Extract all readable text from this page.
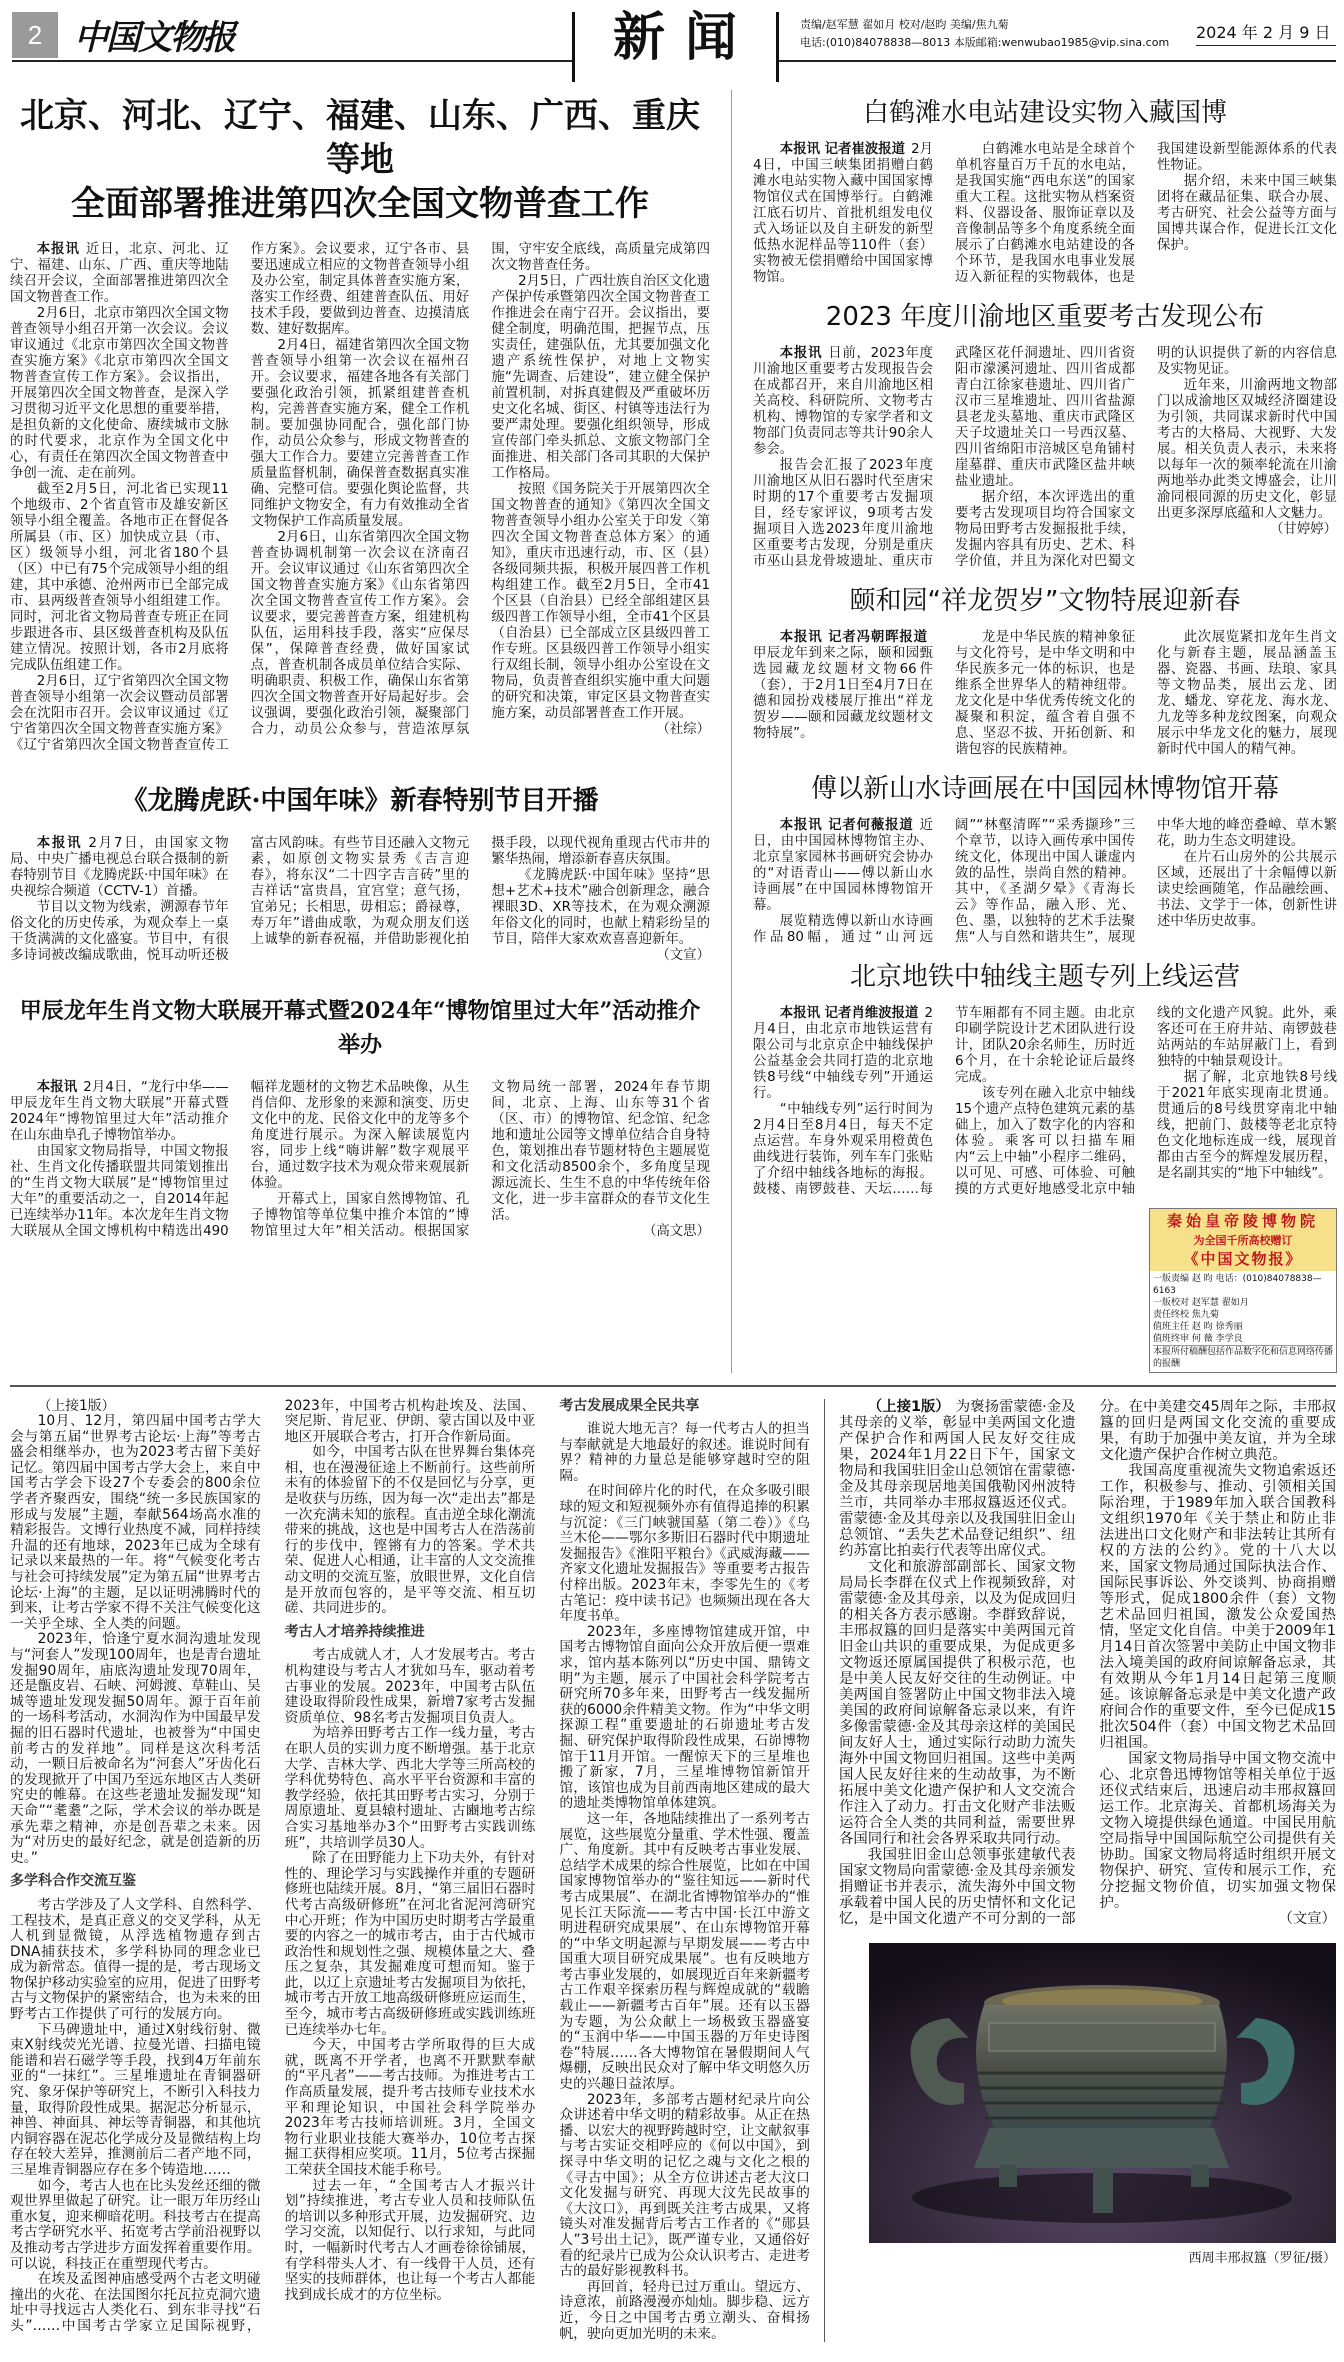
2 中国文物报	新闻	责编/赵军慧 翟如月 校对/赵昀 美编/焦九菊
电话:(010)84078838—8013 本版邮箱:wenwubao1985@vip.sina.com
2024 年 2 月 9 日
北京、河北、辽宁、福建、山东、广西、重庆等地
全面部署推进第四次全国文物普查工作

本报讯 近日，北京、河北、辽宁、福建、山东、广西、重庆等地陆续召开会议，全面部署推进第四次全国文物普查工作。

2月6日，北京市第四次全国文物普查领导小组召开第一次会议。会议审议通过《北京市第四次全国文物普查实施方案》《北京市第四次全国文物普查宣传工作方案》。会议指出，开展第四次全国文物普查，是深入学习贯彻习近平文化思想的重要举措，是担负新的文化使命、赓续城市文脉的时代要求，北京作为全国文化中心，有责任在第四次全国文物普查中争创一流、走在前列。

截至2月5日，河北省已实现11个地级市、2个省直管市及雄安新区领导小组全覆盖。各地市正在督促各所属县（市、区）加快成立县（市、区）级领导小组，河北省180个县（区）中已有75个完成领导小组的组建，其中承德、沧州两市已全部完成市、县两级普查领导小组组建工作。同时，河北省文物局普查专班正在同步跟进各市、县区级普查机构及队伍建立情况。按照计划，各市2月底将完成队伍组建工作。

2月6日，辽宁省第四次全国文物普查领导小组第一次会议暨动员部署会在沈阳市召开。会议审议通过《辽宁省第四次全国文物普查实施方案》《辽宁省第四次全国文物普查宣传工作方案》。会议要求，辽宁各市、县要迅速成立相应的文物普查领导小组及办公室，制定具体普查实施方案，落实工作经费、组建普查队伍、用好技术手段，要做到边普查、边摸清底数、建好数据库。

2月4日，福建省第四次全国文物普查领导小组第一次会议在福州召开。会议要求，福建各地各有关部门要强化政治引领，抓紧组建普查机构，完善普查实施方案，健全工作机制。要加强协同配合，强化部门协作，动员公众参与，形成文物普查的强大工作合力。要建立完善普查工作质量监督机制，确保普查数据真实准确、完整可信。要强化舆论监督，共同维护文物安全，有力有效推动全省文物保护工作高质量发展。

2月6日，山东省第四次全国文物普查协调机制第一次会议在济南召开。会议审议通过《山东省第四次全国文物普查实施方案》《山东省第四次全国文物普查宣传工作方案》。会议要求，要完善普查方案，组建机构队伍，运用科技手段，落实“应保尽保”，保障普查经费，做好国家试点，普查机制各成员单位结合实际、明确职责、积极工作，确保山东省第四次全国文物普查开好局起好步。会议强调，要强化政治引领，凝聚部门合力，动员公众参与，营造浓厚氛围，守牢安全底线，高质量完成第四次文物普查任务。

2月5日，广西壮族自治区文化遗产保护传承暨第四次全国文物普查工作推进会在南宁召开。会议指出，要健全制度，明确范围，把握节点，压实责任，建强队伍，尤其要加强文化遗产系统性保护，对地上文物实施“先调查、后建设”，建立健全保护前置机制，对拆真建假及严重破坏历史文化名城、街区、村镇等违法行为要严肃处理。要强化组织领导，形成宣传部门牵头抓总、文旅文物部门全面推进、相关部门各司其职的大保护工作格局。

按照《国务院关于开展第四次全国文物普查的通知》《第四次全国文物普查领导小组办公室关于印发〈第四次全国文物普查总体方案〉的通知》，重庆市迅速行动，市、区（县）各级同频共振，积极开展四普工作机构组建工作。截至2月5日，全市41个区县（自治县）已经全部组建区县级四普工作领导小组，全市41个区县（自治县）已全部成立区县级四普工作专班。区县级四普工作领导小组实行双组长制，领导小组办公室设在文物局，负责普查组织实施中重大问题的研究和决策，审定区县文物普查实施方案，动员部署普查工作开展。

（社综）

《龙腾虎跃·中国年味》新春特别节目开播

本报讯 2月7日，由国家文物局、中央广播电视总台联合摄制的新春特别节目《龙腾虎跃·中国年味》在央视综合频道（CCTV-1）首播。

节目以文物为线索，溯源春节年俗文化的历史传承，为观众奉上一桌干货满满的文化盛宴。节目中，有很多诗词被改编成歌曲，悦耳动听还极富古风韵味。有些节目还融入文物元素，如原创文物实景秀《吉言迎春》，将东汉“二十四字吉言砖”里的吉祥话“富贵昌，宜宫堂；意气扬，宜弟兄；长相思，毋相忘；爵禄尊，寿万年”谱曲成歌，为观众朋友们送上诚挚的新春祝福，并借助影视化拍摄手段，以现代视角重现古代市井的繁华热闹，增添新春喜庆氛围。

《龙腾虎跃·中国年味》坚持“思想+艺术+技术”融合创新理念，融合裸眼3D、XR等技术，在为观众溯源年俗文化的同时，也献上精彩纷呈的节目，陪伴大家欢欢喜喜迎新年。

（文宣）

甲辰龙年生肖文物大联展开幕式暨2024年“博物馆里过大年”活动推介举办

本报讯 2月4日，“龙行中华——甲辰龙年生肖文物大联展”开幕式暨2024年“博物馆里过大年”活动推介在山东曲阜孔子博物馆举办。

由国家文物局指导，中国文物报社、生肖文化传播联盟共同策划推出的“生肖文物大联展”是“博物馆里过大年”的重要活动之一，自2014年起已连续举办11年。本次龙年生肖文物大联展从全国文博机构中精选出490幅祥龙题材的文物艺术品映像，从生肖信仰、龙形象的来源和演变、历史文化中的龙、民俗文化中的龙等多个角度进行展示。为深入解读展览内容，同步上线“嗨讲解”数字观展平台，通过数字技术为观众带来观展新体验。

开幕式上，国家自然博物馆、孔子博物馆等单位集中推介本馆的“博物馆里过大年”相关活动。根据国家文物局统一部署，2024年春节期间，北京、上海、山东等31个省（区、市）的博物馆、纪念馆、纪念地和遗址公园等文博单位结合自身特色，策划推出春节题材特色主题展览和文化活动8500余个，多角度呈现源远流长、生生不息的中华传统年俗文化，进一步丰富群众的春节文化生活。

（高文思）

白鹤滩水电站建设实物入藏国博

本报讯 记者崔波报道 2月4日，中国三峡集团捐赠白鹤滩水电站实物入藏中国国家博物馆仪式在国博举行。白鹤滩江底石切片、首批机组发电仪式入场证以及自主研发的新型低热水泥样品等110件（套）实物被无偿捐赠给中国国家博物馆。

白鹤滩水电站是全球首个单机容量百万千瓦的水电站，是我国实施“西电东送”的国家重大工程。这批实物从档案资料、仪器设备、服饰证章以及音像制品等多个角度系统全面展示了白鹤滩水电站建设的各个环节，是我国水电事业发展迈入新征程的实物载体，也是我国建设新型能源体系的代表性物证。

据介绍，未来中国三峡集团将在藏品征集、联合办展、考古研究、社会公益等方面与国博共谋合作，促进长江文化保护。

2023 年度川渝地区重要考古发现公布

本报讯 日前，2023年度川渝地区重要考古发现报告会在成都召开，来自川渝地区相关高校、科研院所、文物考古机构、博物馆的专家学者和文物部门负责同志等共计90余人参会。

报告会汇报了2023年度川渝地区从旧石器时代至唐宋时期的17个重要考古发掘项目，经专家评议，9项考古发掘项目入选2023年度川渝地区重要考古发现，分别是重庆市巫山县龙骨坡遗址、重庆市武隆区花仟洞遗址、四川省资阳市濛溪河遗址、四川省成都青白江徐家巷遗址、四川省广汉市三星堆遗址、四川省盐源县老龙头墓地、重庆市武隆区天子坟遗址关口一号西汉墓、四川省绵阳市涪城区皂角铺村崖墓群、重庆市武隆区盐井峡盐业遗址。

据介绍，本次评选出的重要考古发现项目均符合国家文物局田野考古发掘报批手续，发掘内容具有历史、艺术、科学价值，并且为深化对巴蜀文明的认识提供了新的内容信息及实物见证。

近年来，川渝两地文物部门以成渝地区双城经济圈建设为引领，共同谋求新时代中国考古的大格局、大视野、大发展。相关负责人表示，未来将以每年一次的频率轮流在川渝两地举办此类文博盛会，让川渝同根同源的历史文化，彰显出更多深厚底蕴和人文魅力。

（甘婷婷）

颐和园“祥龙贺岁”文物特展迎新春

本报讯 记者冯朝晖报道甲辰龙年到来之际，颐和园甄选园藏龙纹题材文物66件（套），于2月1日至4月7日在德和园扮戏楼展厅推出“祥龙贺岁——颐和园藏龙纹题材文物特展”。

龙是中华民族的精神象征与文化符号，是中华文明和中华民族多元一体的标识，也是维系全世界华人的精神纽带。龙文化是中华优秀传统文化的凝聚和积淀，蕴含着自强不息、坚忍不拔、开拓创新、和谐包容的民族精神。

此次展览紧扣龙年生肖文化与新春主题，展品涵盖玉器、瓷器、书画、珐琅、家具等文物品类，展出云龙、团龙、蟠龙、穿花龙、海水龙、九龙等多种龙纹图案，向观众展示中华龙文化的魅力，展现新时代中国人的精气神。

傅以新山水诗画展在中国园林博物馆开幕

本报讯 记者何薇报道 近日，由中国园林博物馆主办、北京皇家园林书画研究会协办的“对语青山——傅以新山水诗画展”在中国园林博物馆开幕。

展览精选傅以新山水诗画作品80幅，通过“山河远阔”“林壑清晖”“采秀撷珍”三个章节，以诗入画传承中国传统文化，体现出中国人谦虚内敛的品性，崇尚自然的精神。其中，《圣湖夕晕》《青海长云》等作品，融入形、光、色、墨，以独特的艺术手法聚焦“人与自然和谐共生”，展现中华大地的峰峦叠嶂、草木繁花，助力生态文明建设。

在片石山房外的公共展示区域，还展出了十余幅傅以新读史绘画随笔，作品融绘画、书法、文学于一体，创新性讲述中华历史故事。

北京地铁中轴线主题专列上线运营

本报讯 记者肖维波报道 2月4日，由北京市地铁运营有限公司与北京京企中轴线保护公益基金会共同打造的北京地铁8号线“中轴线专列”开通运行。

“中轴线专列”运行时间为2月4日至8月4日，每天不定点运营。车身外观采用橙黄色曲线进行装饰，列车车门张贴了介绍中轴线各地标的海报。鼓楼、南锣鼓巷、天坛……每节车厢都有不同主题。由北京印刷学院设计艺术团队进行设计，团队20余名师生，历时近6个月，在十余轮论证后最终完成。

该专列在融入北京中轴线15个遗产点特色建筑元素的基础上，加入了数字化的内容和体验。乘客可以扫描车厢内“云上中轴”小程序二维码，以可见、可感、可体验、可触摸的方式更好地感受北京中轴线的文化遗产风貌。此外，乘客还可在王府井站、南锣鼓巷站两站的车站屏蔽门上，看到独特的中轴景观设计。

据了解，北京地铁8号线于2021年底实现南北贯通。贯通后的8号线贯穿南北中轴线，把前门、鼓楼等老北京特色文化地标连成一线，展现首都由古至今的辉煌发展历程，是名副其实的“地下中轴线”。

秦始皇帝陵博物院
为全国千所高校赠订
《中国文物报》
一版责编 赵 昀 电话：(010)84078838—6163
一版校对 赵军慧 翟如月
责任终校 焦九菊
值班主任 赵 昀 徐秀丽
值班终审 何 薇 李学良
本报所付稿酬包括作品数字化和信息网络传播的报酬

（上接1版）

10月、12月，第四届中国考古学大会与第五届“世界考古论坛·上海”等考古盛会相继举办，也为2023考古留下美好记忆。第四届中国考古学大会上，来自中国考古学会下设27个专委会的800余位学者齐聚西安，围绕“统一多民族国家的形成与发展”主题，奉献564场高水准的精彩报告。文博行业热度不减，同样持续升温的还有地球，2023年已成为全球有记录以来最热的一年。将“气候变化考古与社会可持续发展”定为第五届“世界考古论坛·上海”的主题，足以证明沸腾时代的到来，让考古学家不得不关注气候变化这一关乎全球、全人类的问题。

2023年，恰逢宁夏水洞沟遗址发现与“河套人”发现100周年，也是青台遗址发掘90周年，庙底沟遗址发现70周年，还是甑皮岩、石峡、河姆渡、草鞋山、吴城等遗址发现发掘50周年。源于百年前的一场科考活动，水洞沟作为中国最早发掘的旧石器时代遗址，也被誉为“中国史前考古的发祥地”。同样是这次科考活动，一颗日后被命名为“河套人”牙齿化石的发现掀开了中国乃至远东地区古人类研究史的帷幕。在这些老遗址发掘发现“知天命”“耄耋”之际，学术会议的举办既是承先辈之精神，亦是创吾辈之未来。因为“对历史的最好纪念，就是创造新的历史。”

多学科合作交流互鉴

考古学涉及了人文学科、自然科学、工程技术，是真正意义的交叉学科，从无人机到显微镜，从浮选植物遗存到古DNA捕获技术，多学科协同的理念业已成为新常态。值得一提的是，考古现场文物保护移动实验室的应用，促进了田野考古与文物保护的紧密结合，也为未来的田野考古工作提供了可行的发展方向。

下马碑遗址中，通过X射线衍射、微束X射线荧光光谱、拉曼光谱、扫描电镜能谱和岩石磁学等手段，找到4万年前东亚的“一抹红”。三星堆遗址在青铜器研究、象牙保护等研究上，不断引入科技力量，取得阶段性成果。据泥芯分析显示，神兽、神面具、神坛等青铜器，和其他坑内铜容器在泥芯化学成分及显微结构上均存在较大差异，推测前后二者产地不同，三星堆青铜器应存在多个铸造地……

如今，考古人也在比头发丝还细的微观世界里做起了研究。让一眼万年历经山重水复，迎来柳暗花明。科技考古在提高考古学研究水平、拓宽考古学前沿视野以及推动考古学进步方面发挥着重要作用。可以说，科技正在重塑现代考古。

在埃及孟图神庙感受两个古老文明碰撞出的火花、在法国图尔托瓦拉克洞穴遗址中寻找远古人类化石、到东非寻找“石头”……中国考古学家立足国际视野，2023年，中国考古机构赴埃及、法国、突尼斯、肯尼亚、伊朗、蒙古国以及中亚地区开展联合考古，打开合作新局面。

如今，中国考古队在世界舞台集体亮相，也在漫漫征途上不断前行。这些前所未有的体验留下的不仅是回忆与分享，更是收获与历练，因为每一次“走出去”都是一次充满未知的旅程。直击逆全球化潮流带来的挑战，这也是中国考古人在浩荡前行的步伐中，铿锵有力的答案。学术共荣、促进人心相通，让丰富的人文交流推动文明的交流互鉴，放眼世界，文化自信是开放而包容的，是平等交流、相互切磋、共同进步的。

考古人才培养持续推进

考古成就人才，人才发展考古。考古机构建设与考古人才犹如马车，驱动着考古事业的发展。2023年，中国考古队伍建设取得阶段性成果，新增7家考古发掘资质单位、98名考古发掘项目负责人。

为培养田野考古工作一线力量，考古在职人员的实训力度不断增强。基于北京大学、吉林大学、西北大学等三所高校的学科优势特色、高水平平台资源和丰富的教学经验，依托其田野考古实习，分别于周原遗址、夏县辕村遗址、古豳地考古综合实习基地举办3个“田野考古实践训练班”，共培训学员30人。

除了在田野能力上下功夫外，有针对性的、理论学习与实践操作并重的专题研修班也陆续开展。8月，“第三届旧石器时代考古高级研修班”在河北省泥河湾研究中心开班；作为中国历史时期考古学最重要的内容之一的城市考古，由于古代城市政治性和规划性之强、规模体量之大、叠压之复杂，其发掘难度可想而知。鉴于此，以辽上京遗址考古发掘项目为依托，城市考古开放工地高级研修班应运而生，至今，城市考古高级研修班或实践训练班已连续举办七年。

今天，中国考古学所取得的巨大成就，既离不开学者，也离不开默默奉献的“平凡者”——考古技师。为推进考古工作高质量发展，提升考古技师专业技术水平和理论知识，中国社会科学院举办2023年考古技师培训班。3月，全国文物行业职业技能大赛举办，10位考古探掘工获得相应奖项。11月，5位考古探掘工荣获全国技术能手称号。

过去一年，“全国考古人才振兴计划”持续推进，考古专业人员和技师队伍的培训以多种形式开展，边发掘研究、边学习交流，以知促行、以行求知，与此同时，一幅新时代考古人才画卷徐徐铺展，有学科带头人才、有一线骨干人员，还有坚实的技师群体，也让每一个考古人都能找到成长成才的方位坐标。

考古发展成果全民共享

谁说大地无言？每一代考古人的担当与奉献就是大地最好的叙述。谁说时间有界？精神的力量总是能够穿越时空的阻隔。

在时间碎片化的时代，在众多吸引眼球的短文和短视频外亦有值得追捧的积累与沉淀：《三门峡虢国墓（第二卷）》《乌兰木伦——鄂尔多斯旧石器时代中期遗址发掘报告》《淮阳平粮台》《武威海藏——齐家文化遗址发掘报告》等重要考古报告付梓出版。2023年末，李零先生的《考古笔记：疫中读书记》也频频出现在各大年度书单。

2023年，多座博物馆建成开馆，中国考古博物馆自面向公众开放后便一票难求，馆内基本陈列以“历史中国、鼎铸文明”为主题，展示了中国社会科学院考古研究所70多年来，田野考古一线发掘所获的6000余件精美文物。作为“中华文明探源工程”重要遗址的石峁遗址考古发掘、研究保护取得阶段性成果，石峁博物馆于11月开馆。一醒惊天下的三星堆也搬了新家，7月，三星堆博物馆新馆开馆，该馆也成为目前西南地区建成的最大的遗址类博物馆单体建筑。

这一年，各地陆续推出了一系列考古展览，这些展览分量重、学术性强、覆盖广、角度新。其中有反映考古事业发展、总结学术成果的综合性展览，比如在中国国家博物馆举办的“鉴往知远——新时代考古成果展”、在湖北省博物馆举办的“惟见长江天际流——考古中国·长江中游文明进程研究成果展”、在山东博物馆开幕的“中华文明起源与早期发展——考古中国重大项目研究成果展”。也有反映地方考古事业发展的，如展现近百年来新疆考古工作艰辛探索历程与辉煌成就的“载瞻载止——新疆考古百年”展。还有以玉器为专题，为公众献上一场极致玉器盛宴的“玉润中华——中国玉器的万年史诗图卷”特展……各大博物馆在暑假期间人气爆棚，反映出民众对了解中华文明悠久历史的兴趣日益浓厚。

2023年，多部考古题材纪录片向公众讲述着中华文明的精彩故事。从正在热播、以宏大的视野跨越时空，让文献叙事与考古实证交相呼应的《何以中国》，到探寻中华文明的记忆之魂与文化之根的《寻古中国》；从全方位讲述古老大汶口文化发掘与研究、再现大汶先民故事的《大汶口》，再到既关注考古成果，又将镜头对准发掘背后考古工作者的《“郧县人”3号出土记》，既严谨专业，又通俗好看的纪录片已成为公众认识考古、走进考古的最好影视教科书。

再回首，轻舟已过万重山。望远方、诗意浓，前路漫漫亦灿灿。脚步稳、远方近，今日之中国考古勇立潮头、奋楫扬帆，驶向更加光明的未来。

（上接1版） 为褒扬雷蒙德·金及其母亲的义举，彰显中美两国文化遗产保护合作和两国人民友好交往成果，2024年1月22日下午，国家文物局和我国驻旧金山总领馆在雷蒙德·金及其母亲现居地美国俄勒冈州波特兰市，共同举办丰邢叔簋返还仪式。雷蒙德·金及其母亲以及我国驻旧金山总领馆、“丢失艺术品登记组织”、纽约苏富比拍卖行代表等出席仪式。

文化和旅游部副部长、国家文物局局长李群在仪式上作视频致辞，对雷蒙德·金及其母亲，以及为促成回归的相关各方表示感谢。李群致辞说，丰邢叔簋的回归是落实中美两国元首旧金山共识的重要成果，为促成更多文物返还原属国提供了积极示范，也是中美人民友好交往的生动例证。中美两国自签署防止中国文物非法入境美国的政府间谅解备忘录以来，有许多像雷蒙德·金及其母亲这样的美国民间友好人士，通过实际行动助力流失海外中国文物回归祖国。这些中美两国人民友好往来的生动故事，为不断拓展中美文化遗产保护和人文交流合作注入了动力。打击文化财产非法贩运符合全人类的共同利益，需要世界各国同行和社会各界采取共同行动。

我国驻旧金山总领事张建敏代表国家文物局向雷蒙德·金及其母亲颁发捐赠证书并表示，流失海外中国文物承载着中国人民的历史情怀和文化记忆，是中国文化遗产不可分割的一部分。在中美建交45周年之际，丰邢叔簋的回归是两国文化交流的重要成果，有助于加强中美友谊，并为全球文化遗产保护合作树立典范。

我国高度重视流失文物追索返还工作，积极参与、推动、引领相关国际治理，于1989年加入联合国教科文组织1970年《关于禁止和防止非法进出口文化财产和非法转让其所有权的方法的公约》。党的十八大以来，国家文物局通过国际执法合作、国际民事诉讼、外交谈判、协商捐赠等形式，促成1800余件（套）文物艺术品回归祖国，激发公众爱国热情，坚定文化自信。中美于2009年1月14日首次签署中美防止中国文物非法入境美国的政府间谅解备忘录，其有效期从今年1月14日起第三度顺延。该谅解备忘录是中美文化遗产政府间合作的重要文件，至今已促成15批次504件（套）中国文物艺术品回归祖国。

国家文物局指导中国文物交流中心、北京鲁迅博物馆等相关单位于返还仪式结束后，迅速启动丰邢叔簋回运工作。北京海关、首都机场海关为文物入境提供绿色通道。中国民用航空局指导中国国际航空公司提供有关协助。国家文物局将适时组织开展文物保护、研究、宣传和展示工作，充分挖掘文物价值，切实加强文物保护。

（文宣）

西周丰邢叔簋（罗征/摄）
